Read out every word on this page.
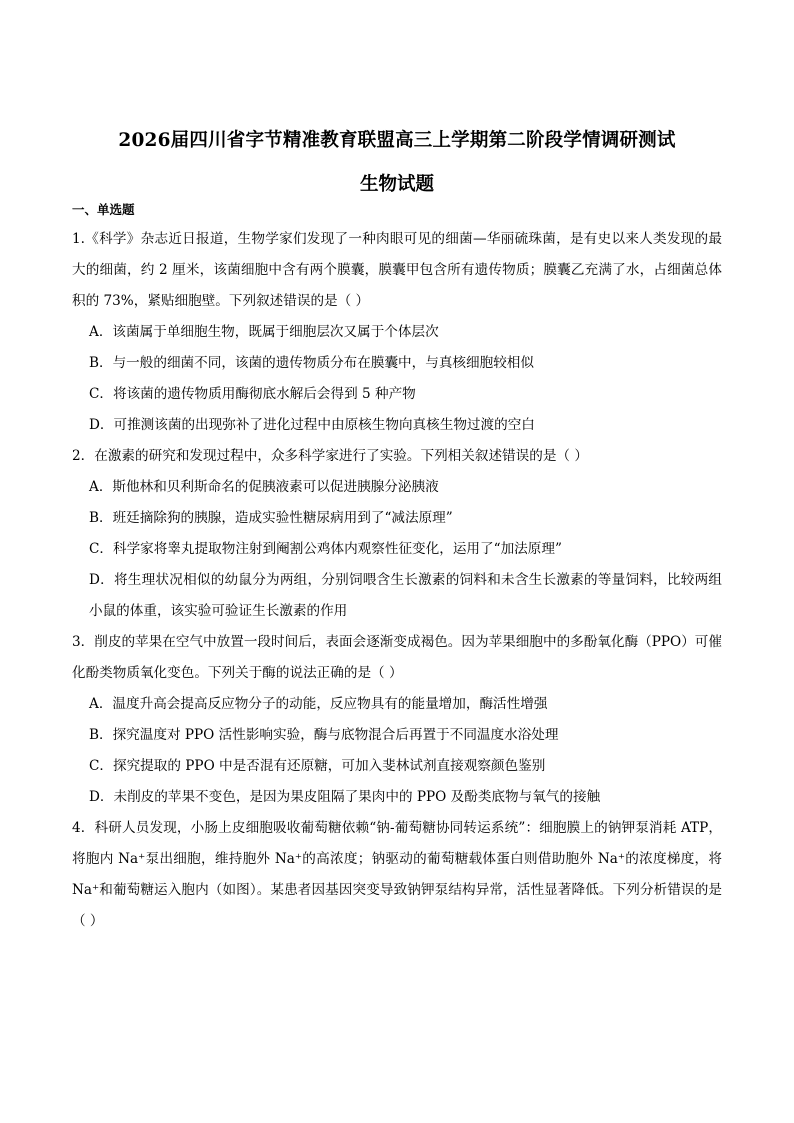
2026届四川省字节精准教育联盟高三上学期第二阶段学情调研测试
生物试题
一、单选题
1.《科学》杂志近日报道，生物学家们发现了一种肉眼可见的细菌—华丽硫珠菌，是有史以来人类发现的最大的细菌，约 2 厘米，该菌细胞中含有两个膜囊，膜囊甲包含所有遗传物质；膜囊乙充满了水，占细菌总体积的 73%，紧贴细胞壁。下列叙述错误的是（ ）
A．该菌属于单细胞生物，既属于细胞层次又属于个体层次
B．与一般的细菌不同，该菌的遗传物质分布在膜囊中，与真核细胞较相似
C．将该菌的遗传物质用酶彻底水解后会得到 5 种产物
D．可推测该菌的出现弥补了进化过程中由原核生物向真核生物过渡的空白
2．在激素的研究和发现过程中，众多科学家进行了实验。下列相关叙述错误的是（ ）
A．斯他林和贝利斯命名的促胰液素可以促进胰腺分泌胰液
B．班廷摘除狗的胰腺，造成实验性糖尿病用到了“减法原理”
C．科学家将睾丸提取物注射到阉割公鸡体内观察性征变化，运用了“加法原理”
D．将生理状况相似的幼鼠分为两组，分别饲喂含生长激素的饲料和未含生长激素的等量饲料，比较两组小鼠的体重，该实验可验证生长激素的作用
3．削皮的苹果在空气中放置一段时间后，表面会逐渐变成褐色。因为苹果细胞中的多酚氧化酶（PPO）可催化酚类物质氧化变色。下列关于酶的说法正确的是（ ）
A．温度升高会提高反应物分子的动能，反应物具有的能量增加，酶活性增强
B．探究温度对 PPO 活性影响实验，酶与底物混合后再置于不同温度水浴处理
C．探究提取的 PPO 中是否混有还原糖，可加入斐林试剂直接观察颜色鉴别
D．未削皮的苹果不变色，是因为果皮阻隔了果肉中的 PPO 及酚类底物与氧气的接触
4．科研人员发现，小肠上皮细胞吸收葡萄糖依赖“钠-葡萄糖协同转运系统”：细胞膜上的钠钾泵消耗 ATP，将胞内 Na⁺泵出细胞，维持胞外 Na⁺的高浓度；钠驱动的葡萄糖载体蛋白则借助胞外 Na⁺的浓度梯度，将 Na⁺和葡萄糖运入胞内（如图）。某患者因基因突变导致钠钾泵结构异常，活性显著降低。下列分析错误的是（ ）
